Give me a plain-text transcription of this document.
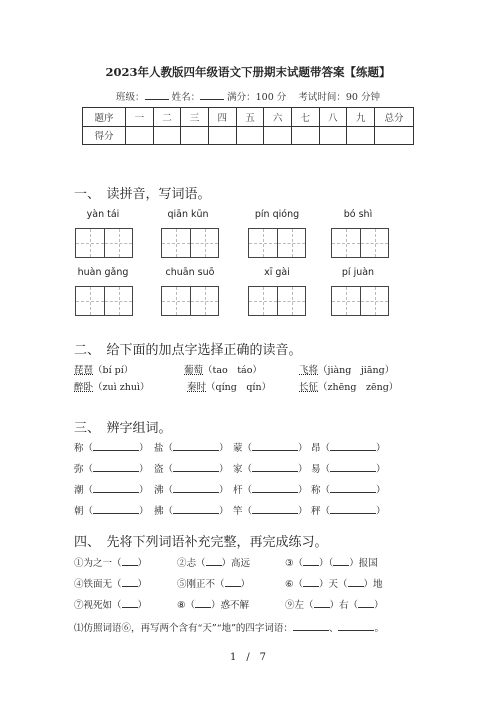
2023年人教版四年级语文下册期末试题带答案【练题】
班级：	姓名：	满分：100 分 考试时间：90 分钟
题序	一	二	三	四	五	六	七	八	九	总分
得分										
一、　读拼音，写词语。
yàn tái	qiān kūn	pín qióng	bó shì
huàn gǎng	chuān suō	xī gài	pí juàn
二、　给下面的加点字选择正确的读音。
琵琶（bí pí）	葡萄（tao　táo）	飞将（jiàng　jiāng）
醉卧（zuì zhuì）	秦时（qíng　qín）	长征（zhēng　zēng）
三、　辨字组词。
称（	） 盐（	） 蒙（	） 昂（	）
弥（	） 盗（	） 家（	） 易（	）
潮（	） 沸（	） 杆（	） 称（	）
朝（	） 拂（	） 竿（	） 秤（	）
四、　先将下列词语补充完整，再完成练习。
①为之一（ ）	②忐（ ）高远	③（ ）（ ）报国
④铁面无（ ）	⑤刚正不（ ）	⑥（ ）天（ ）地
⑦视死如（ ）	⑧（ ）惑不解	⑨左（ ）右（ ）
⑴仿照词语⑥，再写两个含有“天”“地”的四字词语：	、	。
1　/　7
